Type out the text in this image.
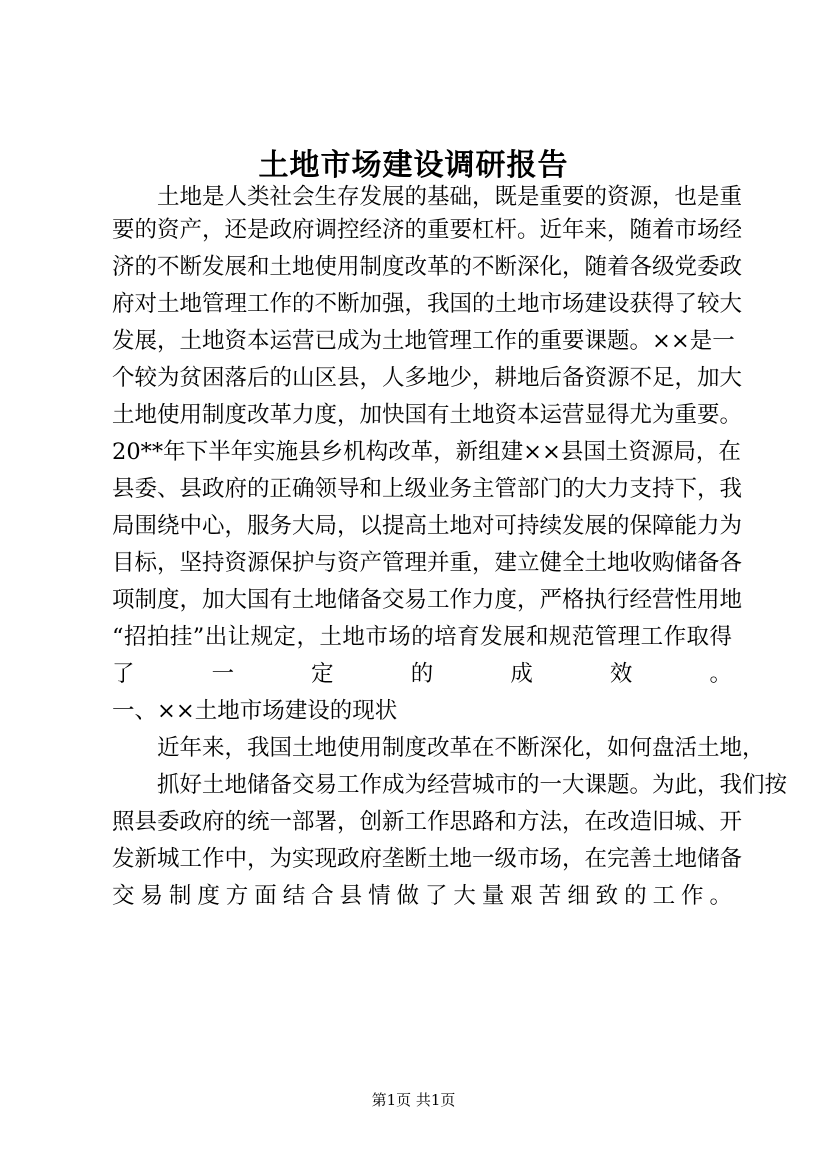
土地市场建设调研报告
土地是人类社会生存发展的基础，既是重要的资源，也是重
要的资产，还是政府调控经济的重要杠杆。近年来，随着市场经
济的不断发展和土地使用制度改革的不断深化，随着各级党委政
府对土地管理工作的不断加强，我国的土地市场建设获得了较大
发展，土地资本运营已成为土地管理工作的重要课题。××是一
个较为贫困落后的山区县，人多地少，耕地后备资源不足，加大
土地使用制度改革力度，加快国有土地资本运营显得尤为重要。
20**年下半年实施县乡机构改革，新组建××县国土资源局，在
县委、县政府的正确领导和上级业务主管部门的大力支持下，我
局围绕中心，服务大局，以提高土地对可持续发展的保障能力为
目标，坚持资源保护与资产管理并重，建立健全土地收购储备各
项制度，加大国有土地储备交易工作力度，严格执行经营性用地
“招拍挂”出让规定，土地市场的培育发展和规范管理工作取得
了一定的成效。
一、××土地市场建设的现状
近年来，我国土地使用制度改革在不断深化，如何盘活土地，
抓好土地储备交易工作成为经营城市的一大课题。为此，我们按
照县委政府的统一部署，创新工作思路和方法，在改造旧城、开
发新城工作中，为实现政府垄断土地一级市场，在完善土地储备
交易制度方面结合县情做了大量艰苦细致的工作。
第1页 共1页
